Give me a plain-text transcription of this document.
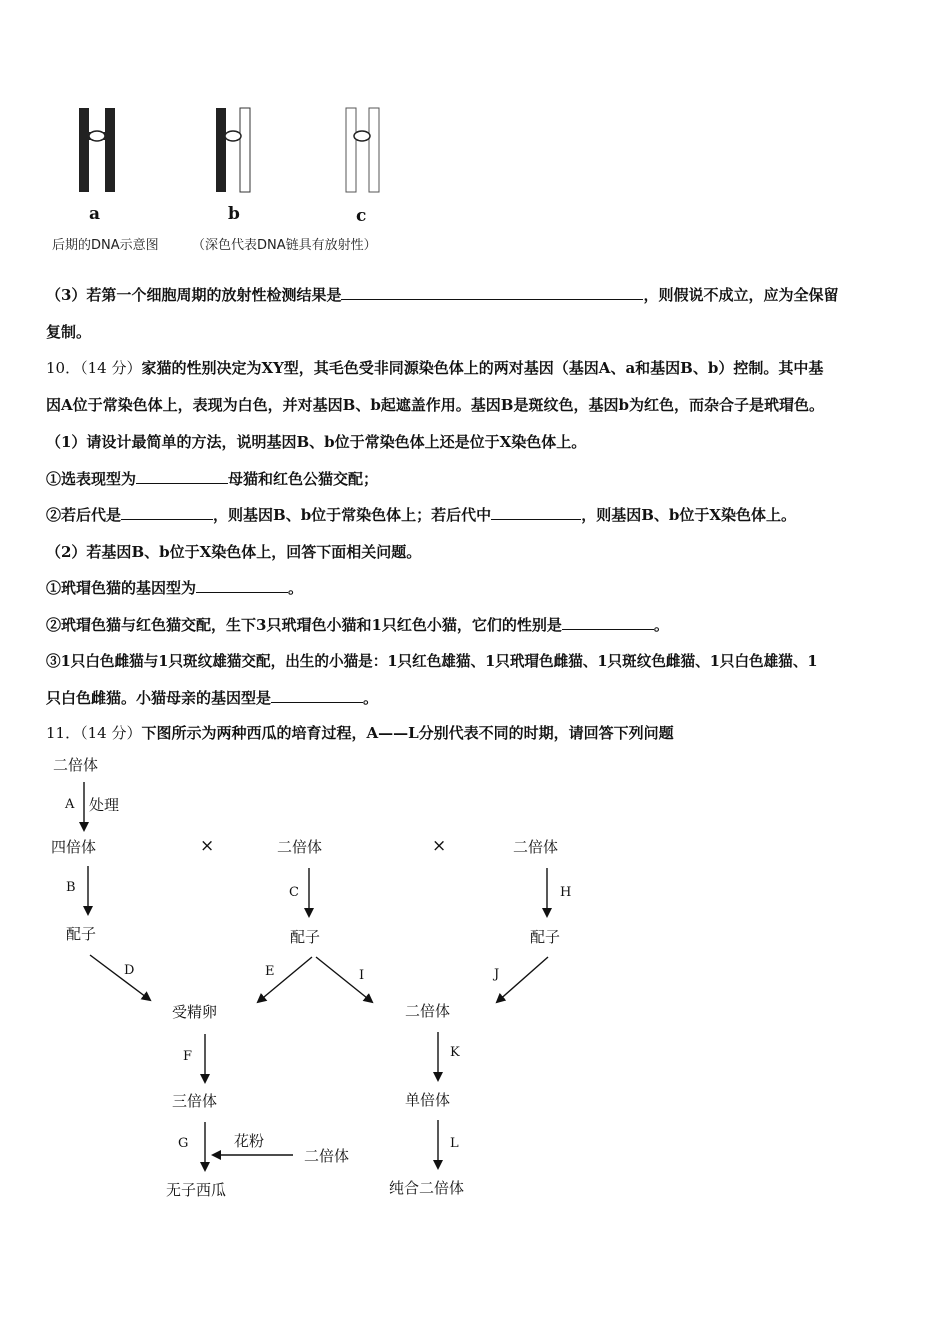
a	b	c
后期的DNA示意图	（深色代表DNA链具有放射性）
（3）若第一个细胞周期的放射性检测结果是	，则假说不成立，应为全保留
复制。
10．（14 分）家猫的性别决定为XY型，其毛色受非同源染色体上的两对基因（基因A、a和基因B、b）控制。其中基
因A位于常染色体上，表现为白色，并对基因B、b起遮盖作用。基因B是斑纹色，基因b为红色，而杂合子是玳瑁色。
（1）请设计最简单的方法，说明基因B、b位于常染色体上还是位于X染色体上。
①选表现型为	母猫和红色公猫交配；
②若后代是	，则基因B、b位于常染色体上；若后代中	，则基因B、b位于X染色体上。
（2）若基因B、b位于X染色体上，回答下面相关问题。
①玳瑁色猫的基因型为	。
②玳瑁色猫与红色猫交配，生下3只玳瑁色小猫和1只红色小猫，它们的性别是	。
③1只白色雌猫与1只斑纹雄猫交配，出生的小猫是：1只红色雄猫、1只玳瑁色雌猫、1只斑纹色雌猫、1只白色雄猫、1
只白色雌猫。小猫母亲的基因型是	。
11．（14 分）下图所示为两种西瓜的培育过程，A——L分别代表不同的时期，请回答下列问题
二倍体
四倍体	×	二倍体	×	二倍体
配子	配子	配子
受精卵	二倍体
三倍体	单倍体
二倍体
无子西瓜	纯合二倍体
A 处理
B	C	H
D	E	I	J
F	K
G	花粉	L
